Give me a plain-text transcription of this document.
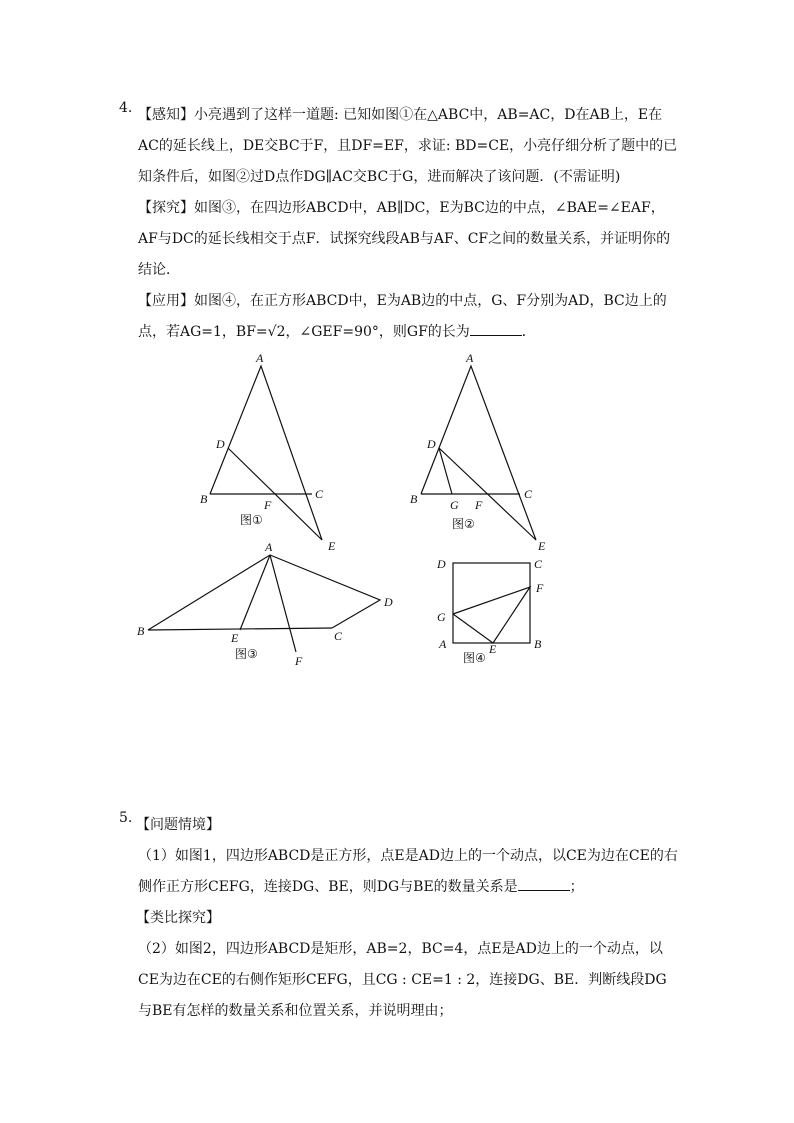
4. 【感知】小亮遇到了这样一道题: 已知如图①在△ABC中，AB=AC，D在AB上，E在AC的延长线上，DE交BC于F，且DF=EF，求证: BD=CE，小亮仔细分析了题中的已知条件后，如图②过D点作DG∥AC交BC于G，进而解决了该问题．(不需证明)

【探究】如图③，在四边形ABCD中，AB∥DC，E为BC边的中点，∠BAE=∠EAF，AF与DC的延长线相交于点F．试探究线段AB与AF、CF之间的数量关系，并证明你的结论．

【应用】如图④，在正方形ABCD中，E为AB边的中点，G、F分别为AD，BC边上的点，若AG=1，BF=√2，∠GEF=90°，则GF的长为	．

A
D
B	F
C
E
图①
A
D
B	G F
C
E
图②
A
B	E	C
D
F
图③
D	C
F
G
A	B
E
图④
5. 【问题情境】

（1）如图1，四边形ABCD是正方形，点E是AD边上的一个动点，以CE为边在CE的右侧作正方形CEFG，连接DG、BE，则DG与BE的数量关系是	；

【类比探究】

（2）如图2，四边形ABCD是矩形，AB=2，BC=4，点E是AD边上的一个动点，以CE为边在CE的右侧作矩形CEFG，且CG : CE=1 : 2，连接DG、BE．判断线段DG与BE有怎样的数量关系和位置关系，并说明理由；
